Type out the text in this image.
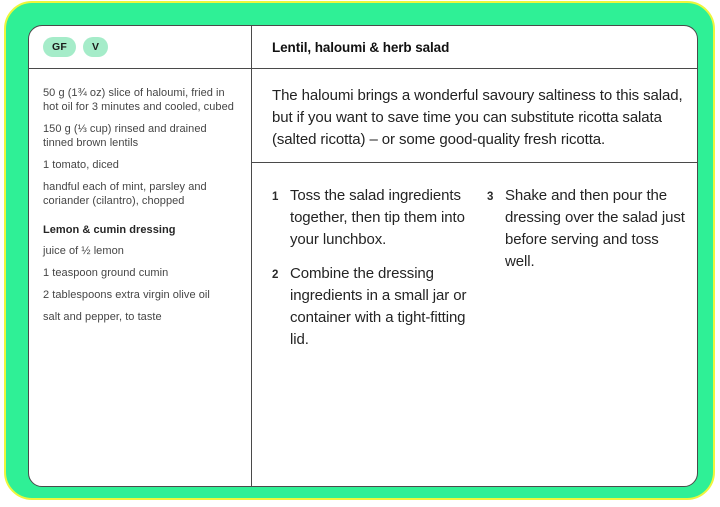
GF	V	Lentil, haloumi & herb salad

50 g (1¾ oz) slice of haloumi, fried in hot oil for 3 minutes and cooled, cubed

150 g (⅓ cup) rinsed and drained tinned brown lentils

1 tomato, diced

handful each of mint, parsley and coriander (cilantro), chopped

Lemon & cumin dressing

juice of ½ lemon

1 teaspoon ground cumin

2 tablespoons extra virgin olive oil

salt and pepper, to taste

The haloumi brings a wonderful savoury saltiness to this salad, but if you want to save time you can substitute ricotta salata (salted ricotta) – or some good-quality fresh ricotta.

1 Toss the salad ingredients together, then tip them into your lunchbox.
2 Combine the dressing ingredients in a small jar or container with a tight-fitting lid.
3 Shake and then pour the dressing over the salad just before serving and toss well.
